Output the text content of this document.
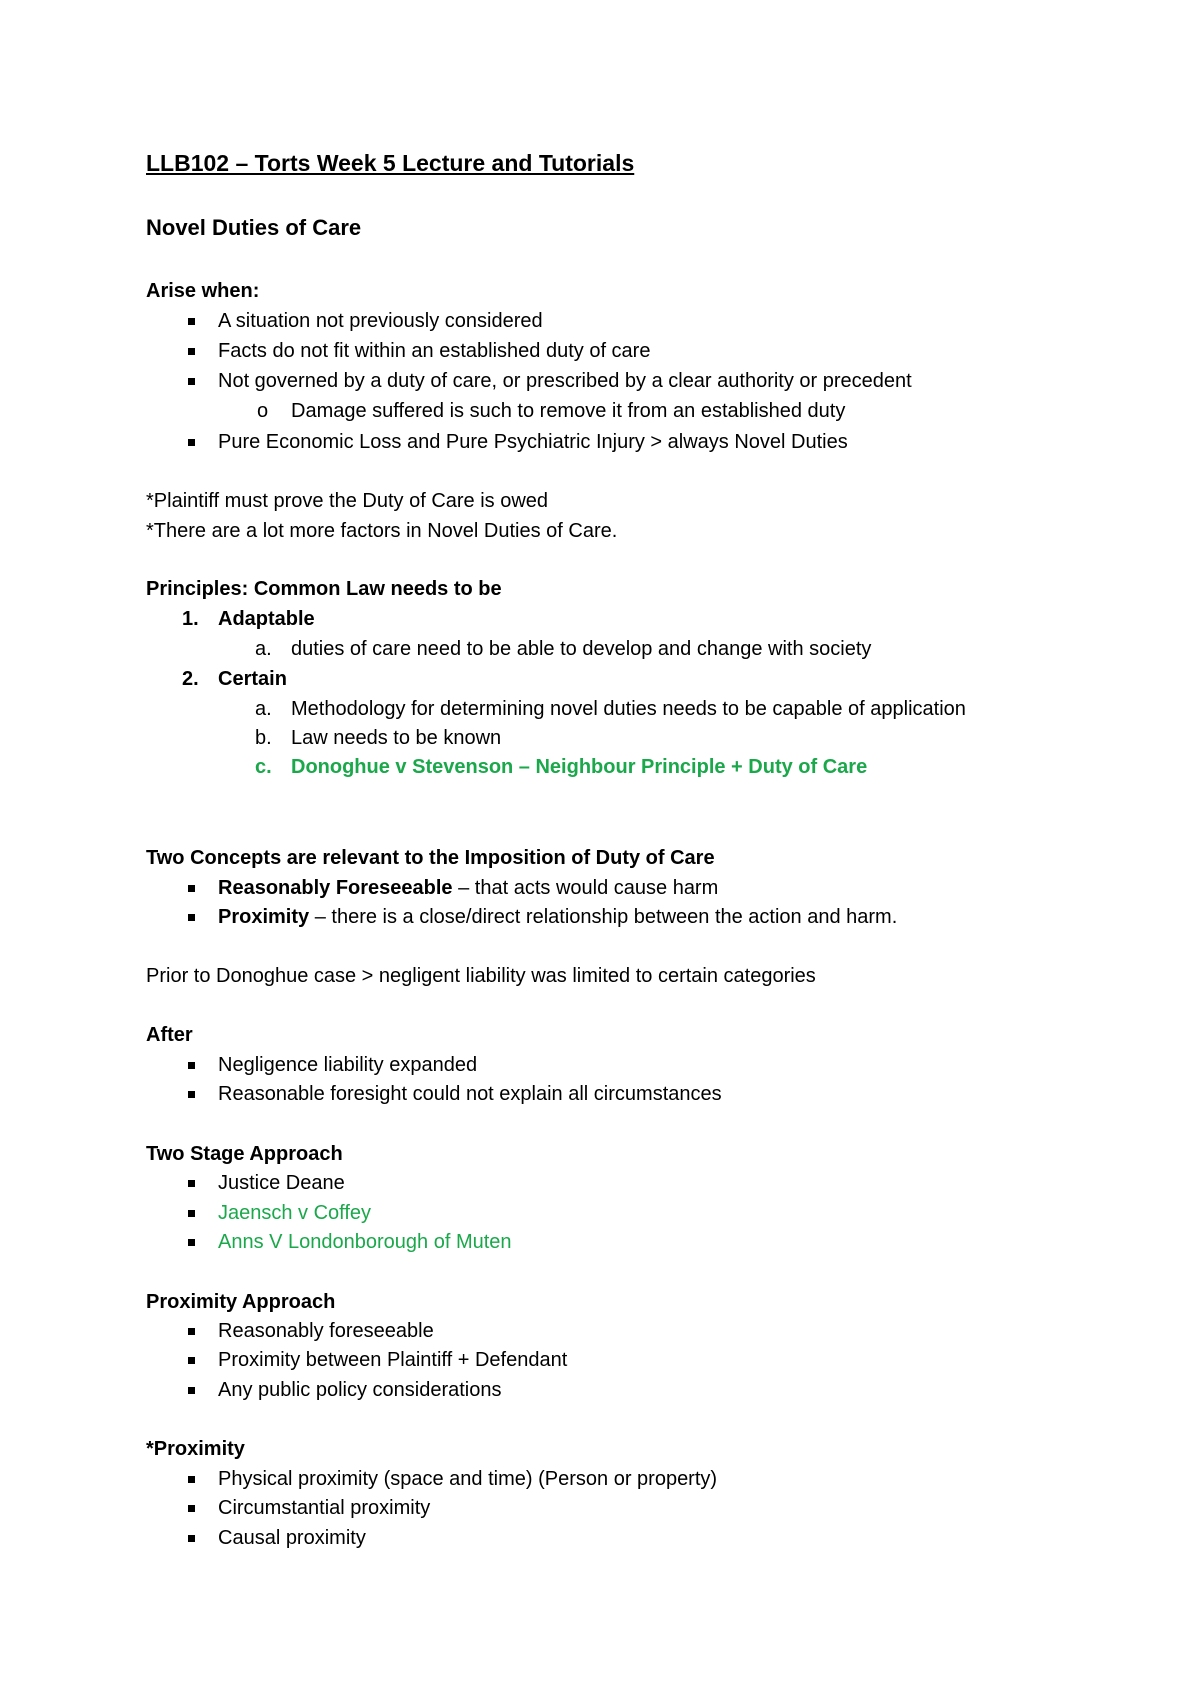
LLB102 – Torts Week 5 Lecture and Tutorials

Novel Duties of Care

Arise when:

A situation not previously considered

Facts do not fit within an established duty of care

Not governed by a duty of care, or prescribed by a clear authority or precedent

o Damage suffered is such to remove it from an established duty

Pure Economic Loss and Pure Psychiatric Injury > always Novel Duties

*Plaintiff must prove the Duty of Care is owed

*There are a lot more factors in Novel Duties of Care.

Principles: Common Law needs to be

1. Adaptable

a. duties of care need to be able to develop and change with society

2. Certain

a. Methodology for determining novel duties needs to be capable of application

b. Law needs to be known

c. Donoghue v Stevenson – Neighbour Principle + Duty of Care

Two Concepts are relevant to the Imposition of Duty of Care

Reasonably Foreseeable – that acts would cause harm

Proximity – there is a close/direct relationship between the action and harm.

Prior to Donoghue case > negligent liability was limited to certain categories

After

Negligence liability expanded

Reasonable foresight could not explain all circumstances

Two Stage Approach

Justice Deane

Jaensch v Coffey

Anns V Londonborough of Muten

Proximity Approach

Reasonably foreseeable

Proximity between Plaintiff + Defendant

Any public policy considerations

*Proximity

Physical proximity (space and time) (Person or property)

Circumstantial proximity

Causal proximity
